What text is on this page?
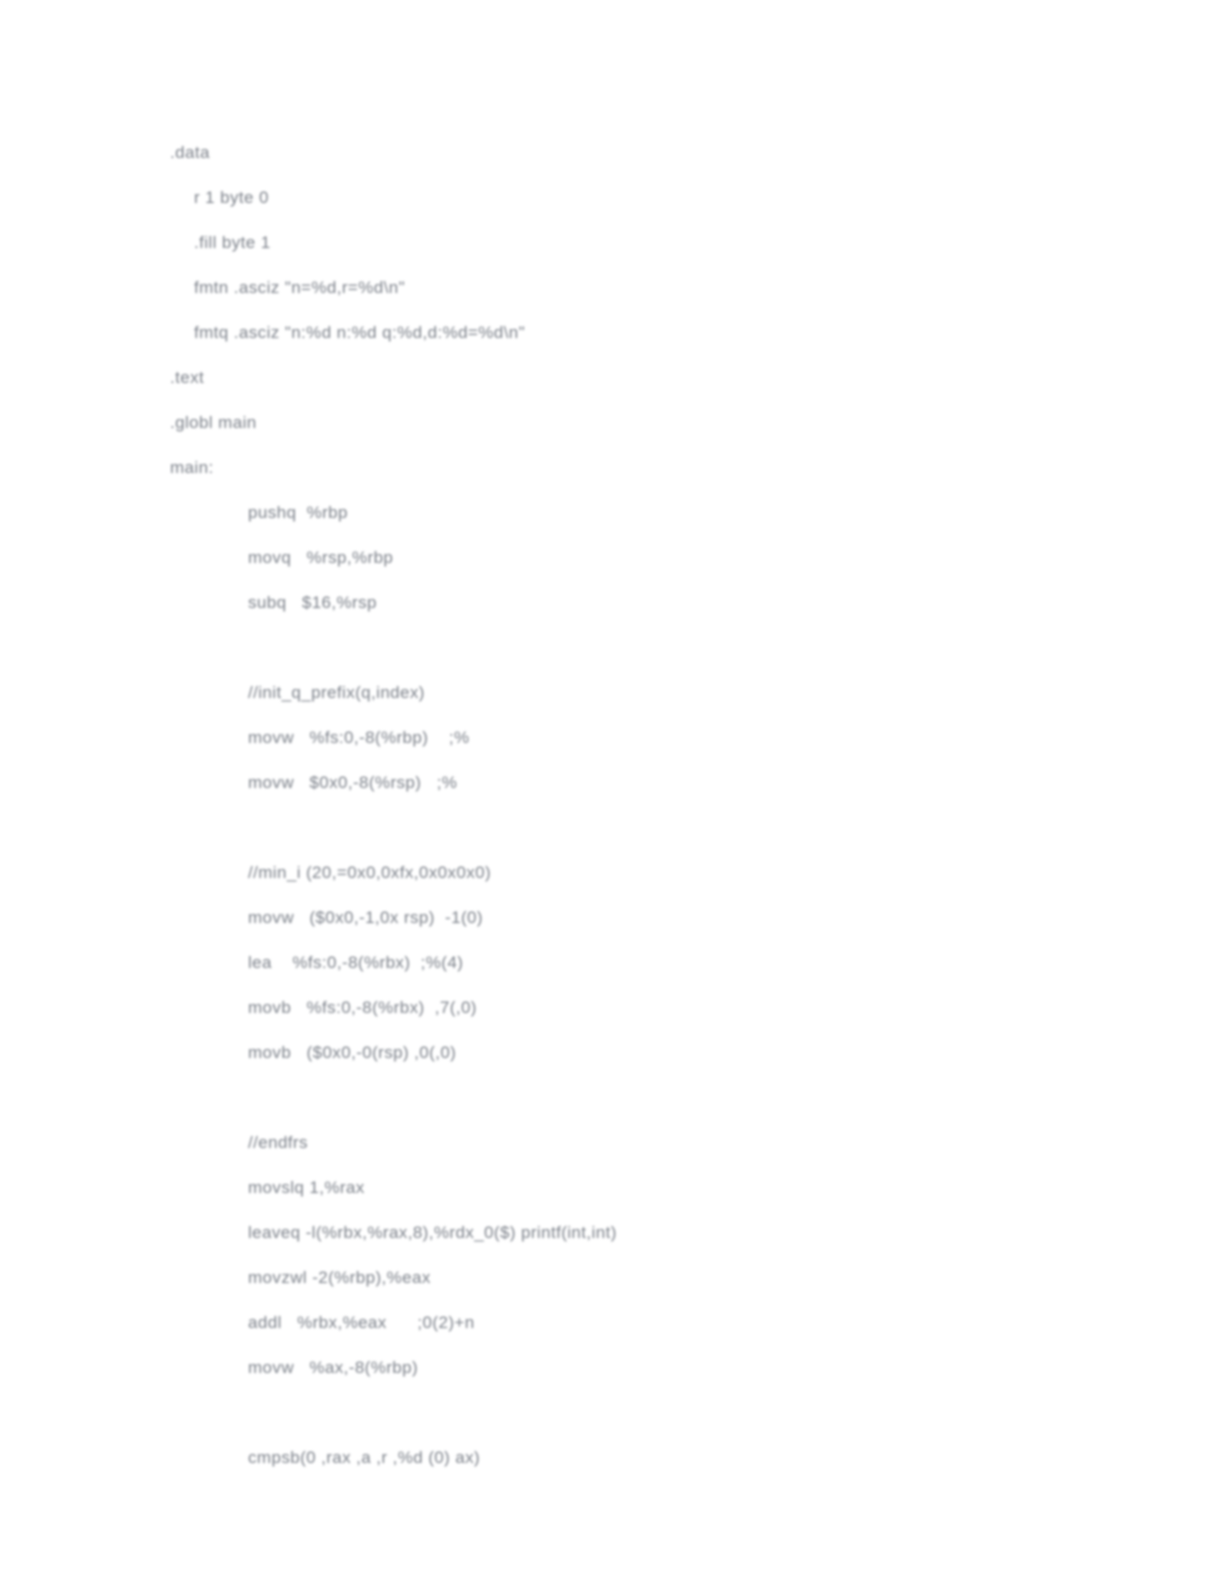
.data
r 1 byte 0
.fill byte 1
fmtn .asciz "n=%d,r=%d\n"
fmtq .asciz "n:%d n:%d q:%d,d:%d=%d\n"
.text
.globl main
main:
pushq  %rbp
movq   %rsp,%rbp
subq   $16,%rsp

//init_q_prefix(q,index)
movw   %fs:0,-8(%rbp)    ;%
movw   $0x0,-8(%rsp)   ;%

//min_i (20,=0x0,0xfx,0x0x0x0)
movw   ($0x0,-1,0x rsp)  -1(0)
lea    %fs:0,-8(%rbx)  ;%(4)
movb   %fs:0,-8(%rbx)  ,7(,0)
movb   ($0x0,-0(rsp) ,0(,0)

//endfrs
movslq 1,%rax
leaveq -l(%rbx,%rax,8),%rdx_0($) printf(int,int)
movzwl -2(%rbp),%eax
addl   %rbx,%eax      ;0(2)+n
movw   %ax,-8(%rbp)

cmpsb(0 ,rax ,a ,r ,%d (0) ax)
